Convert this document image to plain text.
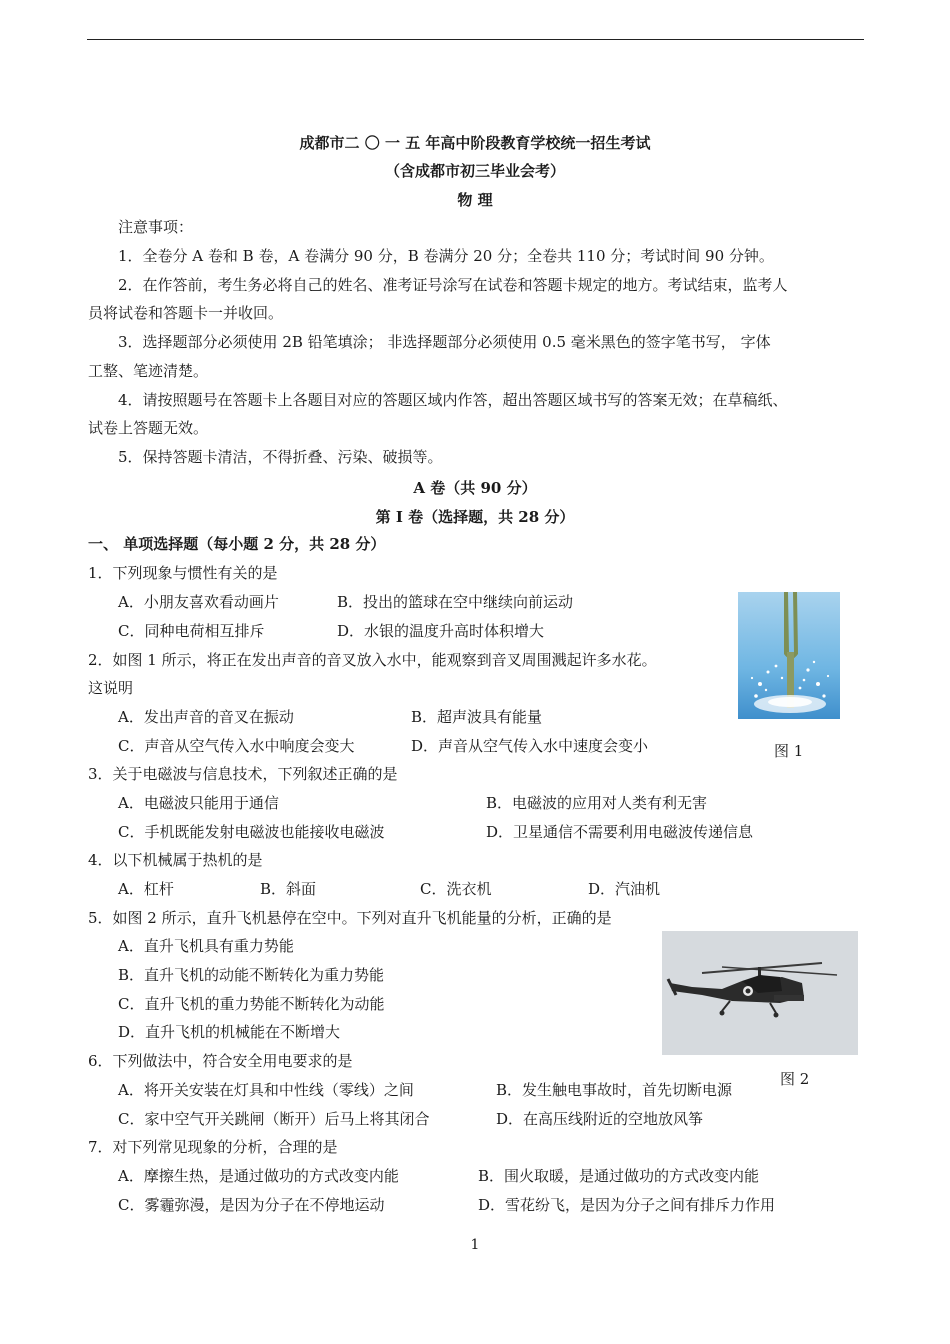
成都市二 〇 一 五 年高中阶段教育学校统一招生考试
（含成都市初三毕业会考）
物 理
注意事项：
1．全卷分 A 卷和 B 卷，A 卷满分 90 分，B 卷满分 20 分；全卷共 110 分；考试时间 90 分钟。
2．在作答前，考生务必将自己的姓名、准考证号涂写在试卷和答题卡规定的地方。考试结束，监考人
员将试卷和答题卡一并收回。
3．选择题部分必须使用 2B 铅笔填涂； 非选择题部分必须使用 0.5 毫米黑色的签字笔书写， 字体
工整、笔迹清楚。
4．请按照题号在答题卡上各题目对应的答题区域内作答，超出答题区域书写的答案无效；在草稿纸、
试卷上答题无效。
5．保持答题卡清洁，不得折叠、污染、破损等。
A 卷（共 90 分）
第 I 卷（选择题，共 28 分）
一、 单项选择题（每小题 2 分，共 28 分）
1．下列现象与惯性有关的是
A．小朋友喜欢看动画片	B．投出的篮球在空中继续向前运动
C．同种电荷相互排斥	D．水银的温度升高时体积增大
2．如图 1 所示，将正在发出声音的音叉放入水中，能观察到音叉周围溅起许多水花。
这说明
A．发出声音的音叉在振动	B．超声波具有能量
C．声音从空气传入水中响度会变大	D．声音从空气传入水中速度会变小	图 1
3．关于电磁波与信息技术，下列叙述正确的是
A．电磁波只能用于通信	B．电磁波的应用对人类有利无害
C．手机既能发射电磁波也能接收电磁波	D．卫星通信不需要利用电磁波传递信息
4．以下机械属于热机的是
A．杠杆	B．斜面	C．洗衣机	D．汽油机
5．如图 2 所示，直升飞机悬停在空中。下列对直升飞机能量的分析，正确的是
A．直升飞机具有重力势能
B．直升飞机的动能不断转化为重力势能
C．直升飞机的重力势能不断转化为动能
D．直升飞机的机械能在不断增大
图 2
6．下列做法中，符合安全用电要求的是
A．将开关安装在灯具和中性线（零线）之间	B．发生触电事故时，首先切断电源
C．家中空气开关跳闸（断开）后马上将其闭合	D．在高压线附近的空地放风筝
7．对下列常见现象的分析，合理的是
A．摩擦生热，是通过做功的方式改变内能	B．围火取暖，是通过做功的方式改变内能
C．雾霾弥漫，是因为分子在不停地运动	D．雪花纷飞，是因为分子之间有排斥力作用
1
